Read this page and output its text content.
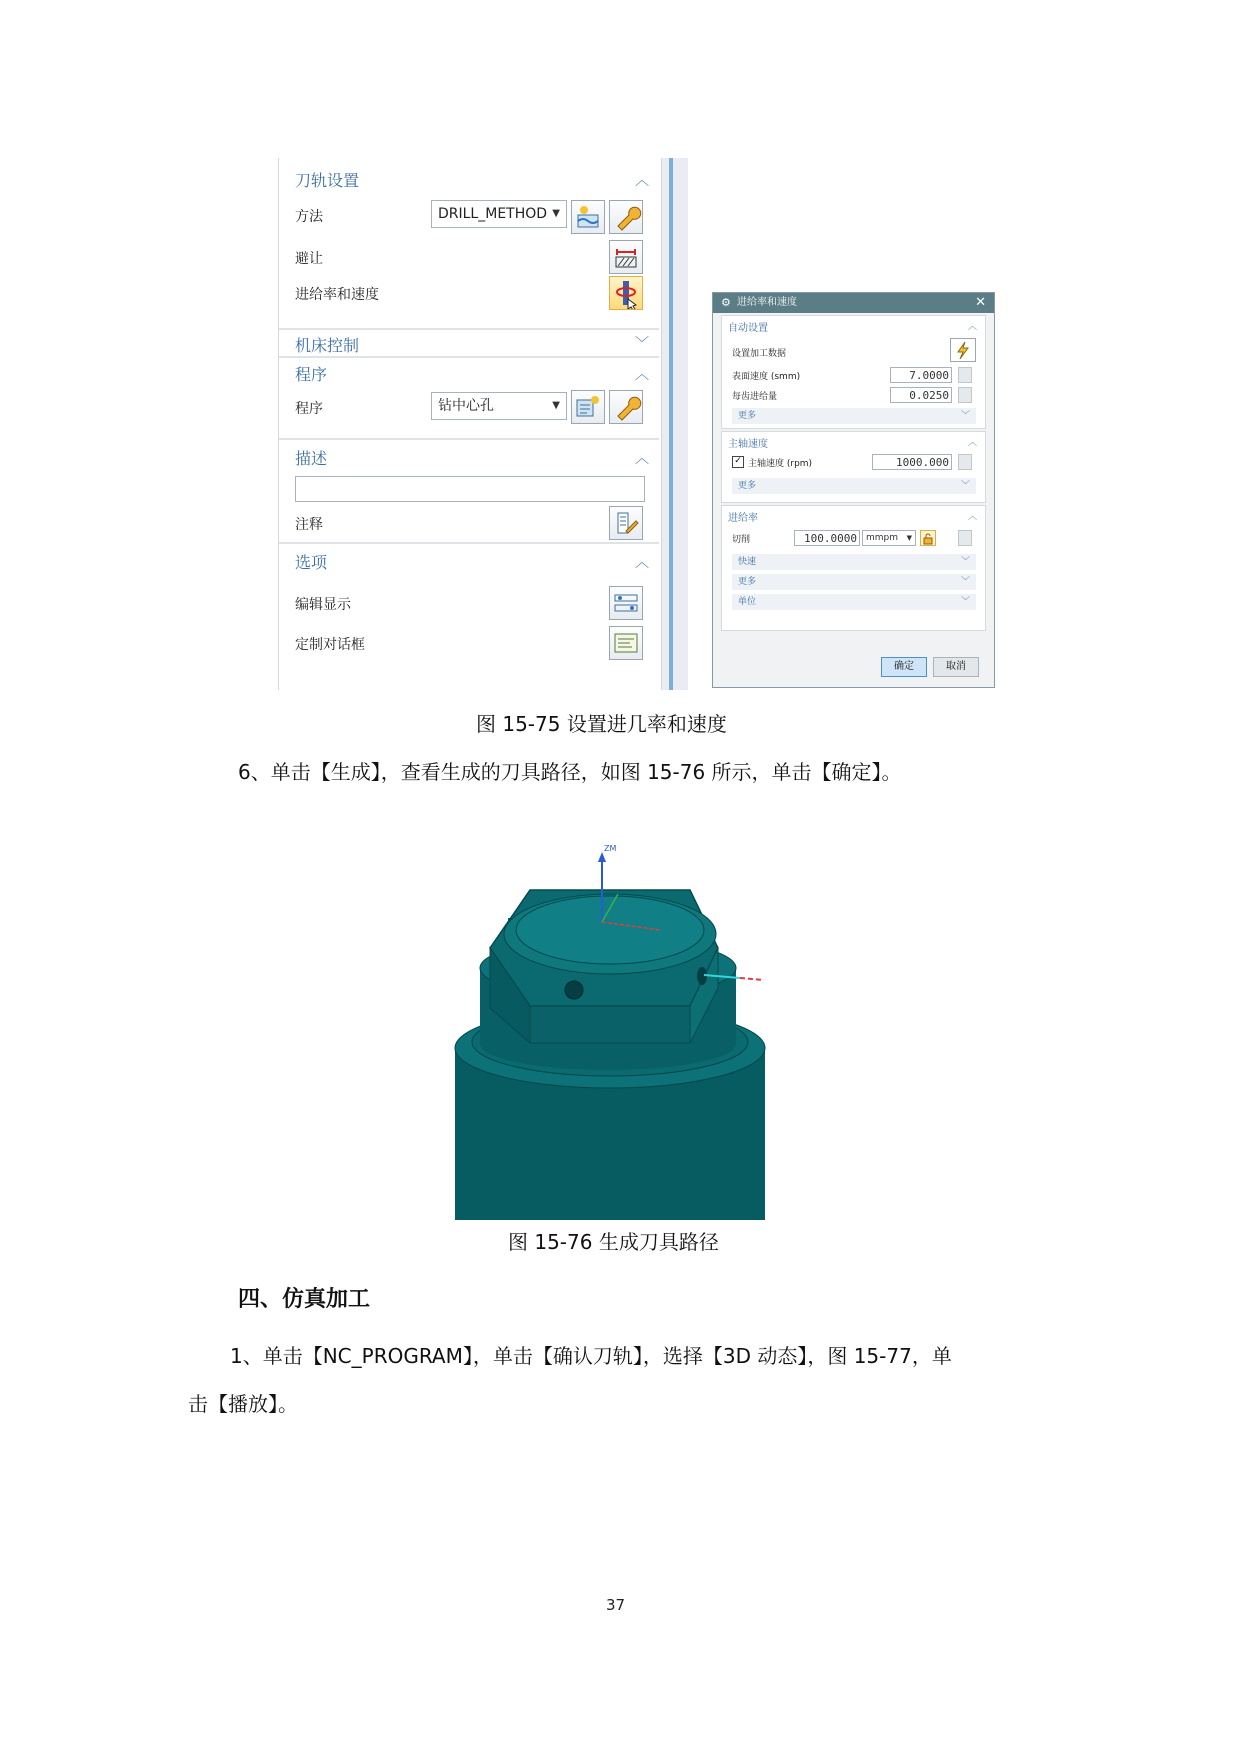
刀轨设置	︿
方法	DRILL_METHOD ▼
避让
进给率和速度
机床控制	﹀
程序	︿
程序	钻中心孔	▼
描述	︿
注释
选项	︿
编辑显示
定制对话框
⚙ 进给率和速度	✕
自动设置	︿
设置加工数据
表面速度 (smm)	7.0000
每齿进给量	0.0250
更多	﹀
主轴速度	︿
✓ 主轴速度 (rpm)	1000.000
更多	﹀
进给率	︿
切削	100.0000	mmpm ▼
快速	﹀
更多	﹀
单位	﹀
确定	取消
图 15-75 设置进几率和速度
6、单击【生成】，查看生成的刀具路径，如图 15-76 所示，单击【确定】。
ZM
图 15-76 生成刀具路径
四、仿真加工
1、单击【NC_PROGRAM】，单击【确认刀轨】，选择【3D 动态】，图 15-77，单
击【播放】。
37
